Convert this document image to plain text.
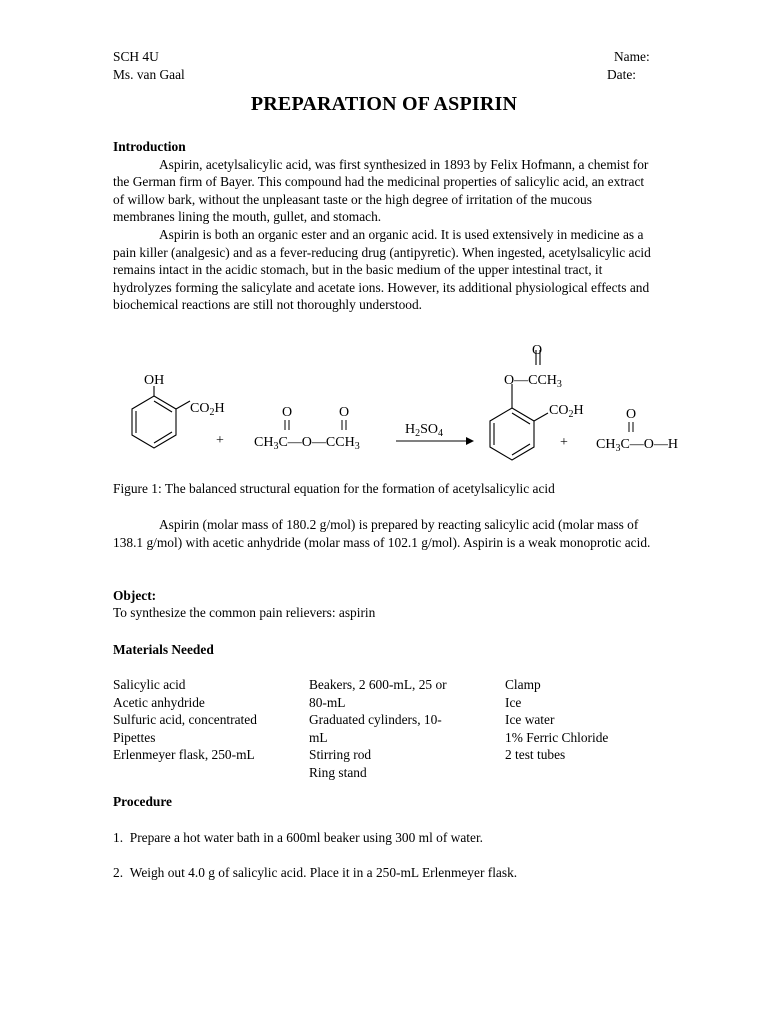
SCH 4U
Ms. van Gaal
Name:
Date:
PREPARATION OF ASPIRIN

Introduction

Aspirin, acetylsalicylic acid, was first synthesized in 1893 by Felix Hofmann, a chemist for the German firm of Bayer. This compound had the medicinal properties of salicylic acid, an extract of willow bark, without the unpleasant taste or the high degree of irritation of the mucous membranes lining the mouth, gullet, and stomach.

Aspirin is both an organic ester and an organic acid. It is used extensively in medicine as a pain killer (analgesic) and as a fever-reducing drug (antipyretic). When ingested, acetylsalicylic acid remains intact in the acidic stomach, but in the basic medium of the upper intestinal tract, it hydrolyzes forming the salicylate and acetate ions. However, its additional physiological effects and biochemical reactions are still not thoroughly understood.

OH
$CO_2H$
+
O	O
$CH_3C—O—CCH_3$
$H_2SO_4$
O
$O—CCH_3$
$CO_2H$
+
O
$CH_3C—O—H$
Figure 1: The balanced structural equation for the formation of acetylsalicylic acid

Aspirin (molar mass of 180.2 g/mol) is prepared by reacting salicylic acid (molar mass of 138.1 g/mol) with acetic anhydride (molar mass of 102.1 g/mol). Aspirin is a weak monoprotic acid.

Object:
To synthesize the common pain relievers: aspirin
Materials Needed
Salicylic acid
Acetic anhydride
Sulfuric acid, concentrated
Pipettes
Erlenmeyer flask, 250-mL
Beakers, 2 600-mL, 25 or
80-mL
Graduated cylinders, 10-
mL
Stirring rod
Ring stand
Clamp
Ice
Ice water
1% Ferric Chloride
2 test tubes
Procedure
1. Prepare a hot water bath in a 600ml beaker using 300 ml of water.
2. Weigh out 4.0 g of salicylic acid. Place it in a 250-mL Erlenmeyer flask.
